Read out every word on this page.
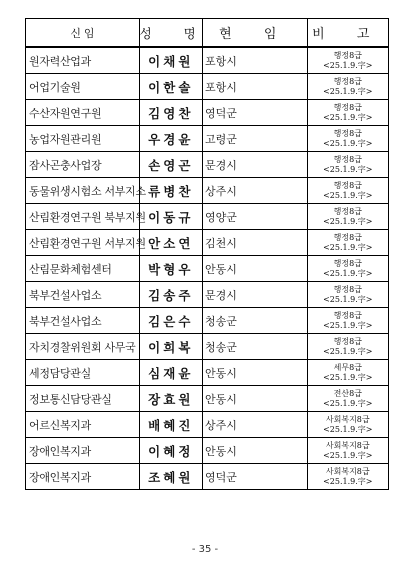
신 임	성 명	현 임	비 고
원자력산업과	이채원	포항시	행정8급
<25.1.9.字>

어업기술원	이한솔	포항시	행정8급
<25.1.9.字>

수산자원연구원	김영찬	영덕군	행정8급
<25.1.9.字>

농업자원관리원	우경윤	고령군	행정8급
<25.1.9.字>

잠사곤충사업장	손영곤	문경시	행정8급
<25.1.9.字>

동물위생시험소 서부지소	류병찬	상주시	행정8급
<25.1.9.字>

산림환경연구원 북부지원	이동규	영양군	행정8급
<25.1.9.字>

산림환경연구원 서부지원	안소연	김천시	행정8급
<25.1.9.字>

산림문화체험센터	박형우	안동시	행정8급
<25.1.9.字>

북부건설사업소	김송주	문경시	행정8급
<25.1.9.字>

북부건설사업소	김은수	청송군	행정8급
<25.1.9.字>

자치경찰위원회 사무국	이희복	청송군	행정8급
<25.1.9.字>

세정담당관실	심재윤	안동시	세무8급
<25.1.9.字>

정보통신담당관실	장효원	안동시	전산8급
<25.1.9.字>

어르신복지과	배혜진	상주시	사회복지8급
<25.1.9.字>

장애인복지과	이혜정	안동시	사회복지8급
<25.1.9.字>

장애인복지과	조혜원	영덕군	사회복지8급
<25.1.9.字>
- 35 -
